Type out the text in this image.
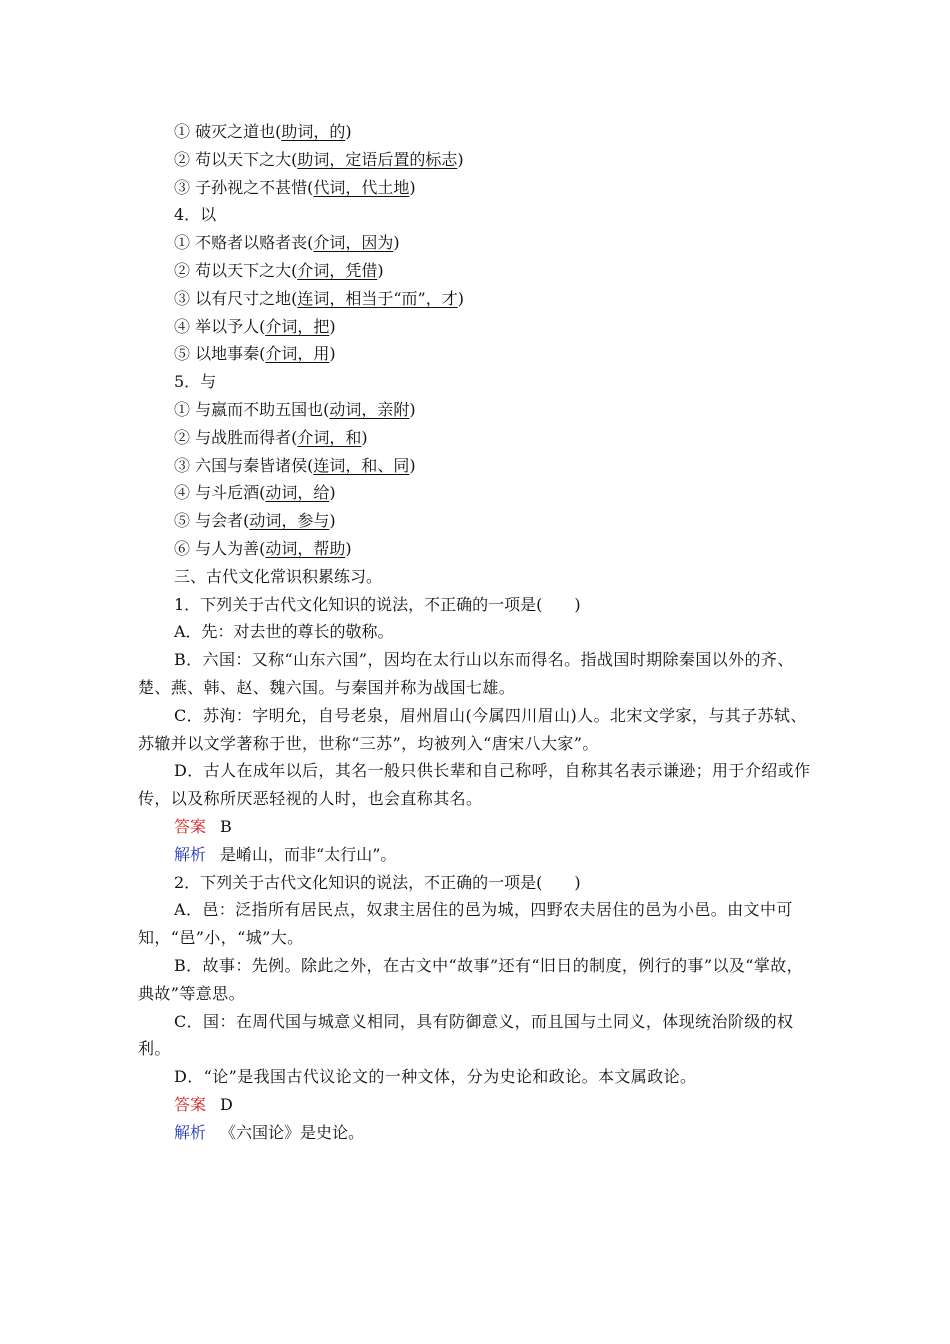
① 破灭之道也(助词，的)
② 苟以天下之大(助词，定语后置的标志)
③ 子孙视之不甚惜(代词，代土地)
4．以
① 不赂者以赂者丧(介词，因为)
② 苟以天下之大(介词，凭借)
③ 以有尺寸之地(连词，相当于“而”，才)
④ 举以予人(介词，把)
⑤ 以地事秦(介词，用)
5．与
① 与嬴而不助五国也(动词，亲附)
② 与战胜而得者(介词，和)
③ 六国与秦皆诸侯(连词，和、同)
④ 与斗卮酒(动词，给)
⑤ 与会者(动词，参与)
⑥ 与人为善(动词，帮助)
三、古代文化常识积累练习。
1．下列关于古代文化知识的说法，不正确的一项是(　　)
A．先：对去世的尊长的敬称。
B．六国：又称“山东六国”，因均在太行山以东而得名。指战国时期除秦国以外的齐、楚、燕、韩、赵、魏六国。与秦国并称为战国七雄。
C．苏洵：字明允，自号老泉，眉州眉山(今属四川眉山)人。北宋文学家，与其子苏轼、苏辙并以文学著称于世，世称“三苏”，均被列入“唐宋八大家”。
D．古人在成年以后，其名一般只供长辈和自己称呼，自称其名表示谦逊；用于介绍或作传，以及称所厌恶轻视的人时，也会直称其名。
答案 B
解析 是崤山，而非“太行山”。
2．下列关于古代文化知识的说法，不正确的一项是(　　)
A．邑：泛指所有居民点，奴隶主居住的邑为城，四野农夫居住的邑为小邑。由文中可知，“邑”小，“城”大。
B．故事：先例。除此之外，在古文中“故事”还有“旧日的制度，例行的事”以及“掌故，典故”等意思。
C．国：在周代国与城意义相同，具有防御意义，而且国与土同义，体现统治阶级的权利。
D．“论”是我国古代议论文的一种文体，分为史论和政论。本文属政论。
答案 D
解析 《六国论》是史论。
